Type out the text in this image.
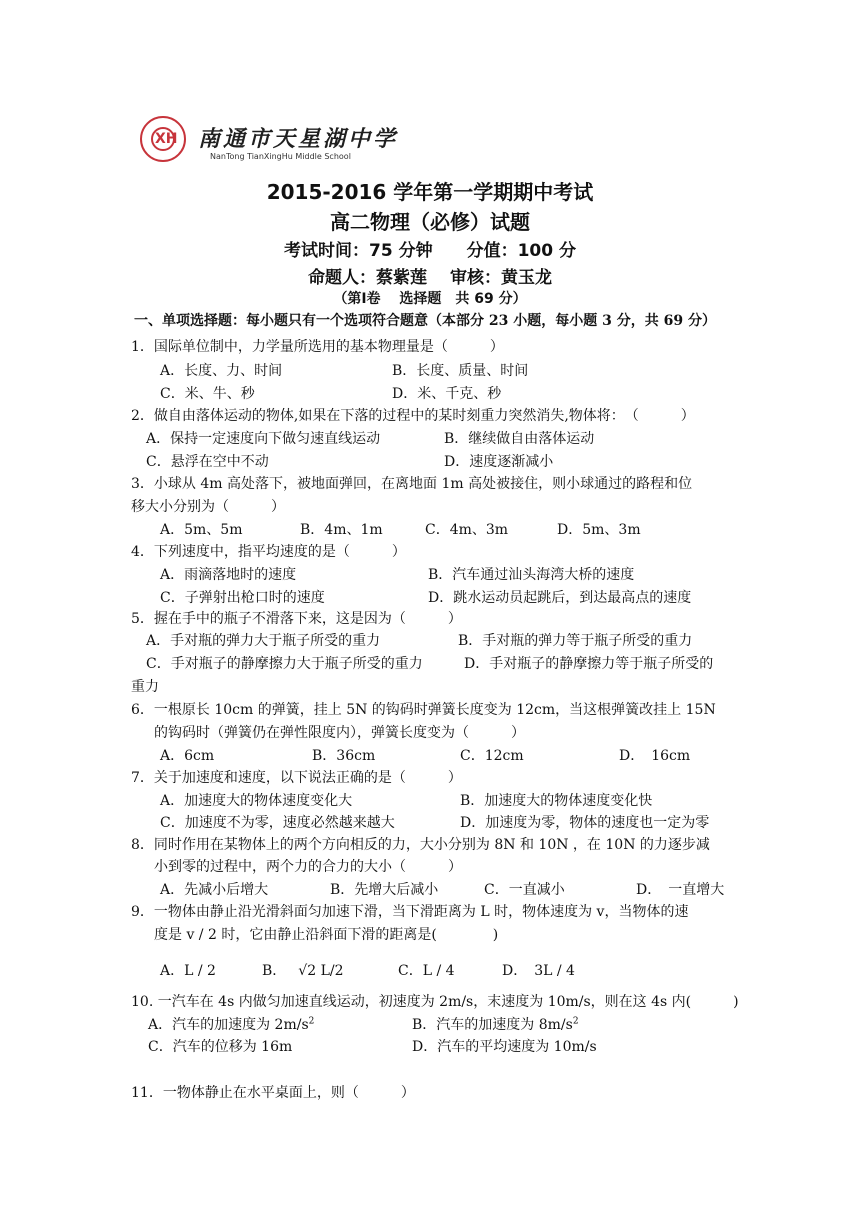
XH 南通市天星湖中学
NanTong TianXingHu Middle School
2015-2016 学年第一学期期中考试
高二物理（必修）试题
考试时间：75 分钟　　分值：100 分
命题人：蔡紫莲　 审核：黄玉龙
（第Ⅰ卷　 选择题　共 69 分）
一、单项选择题：每小题只有一个选项符合题意（本部分 23 小题，每小题 3 分，共 69 分）
1．国际单位制中，力学量所选用的基本物理量是（　　　）
A．长度、力、时间	B．长度、质量、时间
C．米、牛、秒	D．米、千克、秒
2．做自由落体运动的物体,如果在下落的过程中的某时刻重力突然消失,物体将：　（　　　）
A．保持一定速度向下做匀速直线运动	B．继续做自由落体运动
C．悬浮在空中不动	D．速度逐渐减小
3．小球从 4m 高处落下，被地面弹回，在离地面 1m 高处被接住，则小球通过的路程和位
移大小分别为（　　　）
A．5m、5m	B．4m、1m	C．4m、3m	D．5m、3m
4．下列速度中，指平均速度的是（　　　）
A．雨滴落地时的速度	B．汽车通过汕头海湾大桥的速度
C．子弹射出枪口时的速度	D．跳水运动员起跳后，到达最高点的速度
5．握在手中的瓶子不滑落下来，这是因为（　　　）
A．手对瓶的弹力大于瓶子所受的重力	B．手对瓶的弹力等于瓶子所受的重力
C．手对瓶子的静摩擦力大于瓶子所受的重力	D．手对瓶子的静摩擦力等于瓶子所受的
重力
6．一根原长 10cm 的弹簧，挂上 5N 的钩码时弹簧长度变为 12cm，当这根弹簧改挂上 15N
的钩码时（弹簧仍在弹性限度内），弹簧长度变为（　　　）
A．6cm	B．36cm	C．12cm	D．　16cm
7．关于加速度和速度，以下说法正确的是（　　　）
A．加速度大的物体速度变化大	B．加速度大的物体速度变化快
C．加速度不为零，速度必然越来越大	D．加速度为零，物体的速度也一定为零
8．同时作用在某物体上的两个方向相反的力，大小分别为 8N 和 10N ，在 10N 的力逐步减
小到零的过程中，两个力的合力的大小（　　　）
A．先减小后增大	B．先增大后减小	C．一直减小	D．　一直增大
9．一物体由静止沿光滑斜面匀加速下滑，当下滑距离为 L 时，物体速度为 v，当物体的速
度是 v / 2 时，它由静止沿斜面下滑的距离是(　　　　)
A．L / 2	B． √2 L/2	C．L / 4	D．　3L / 4
10. 一汽车在 4s 内做匀加速直线运动，初速度为 2m/s，末速度为 10m/s，则在这 4s 内(　　　)
A．汽车的加速度为 $2m/s^2$	B．汽车的加速度为 $8m/s^2$
C．汽车的位移为 16m	D．汽车的平均速度为 10m/s
11．一物体静止在水平桌面上，则（　　　）
